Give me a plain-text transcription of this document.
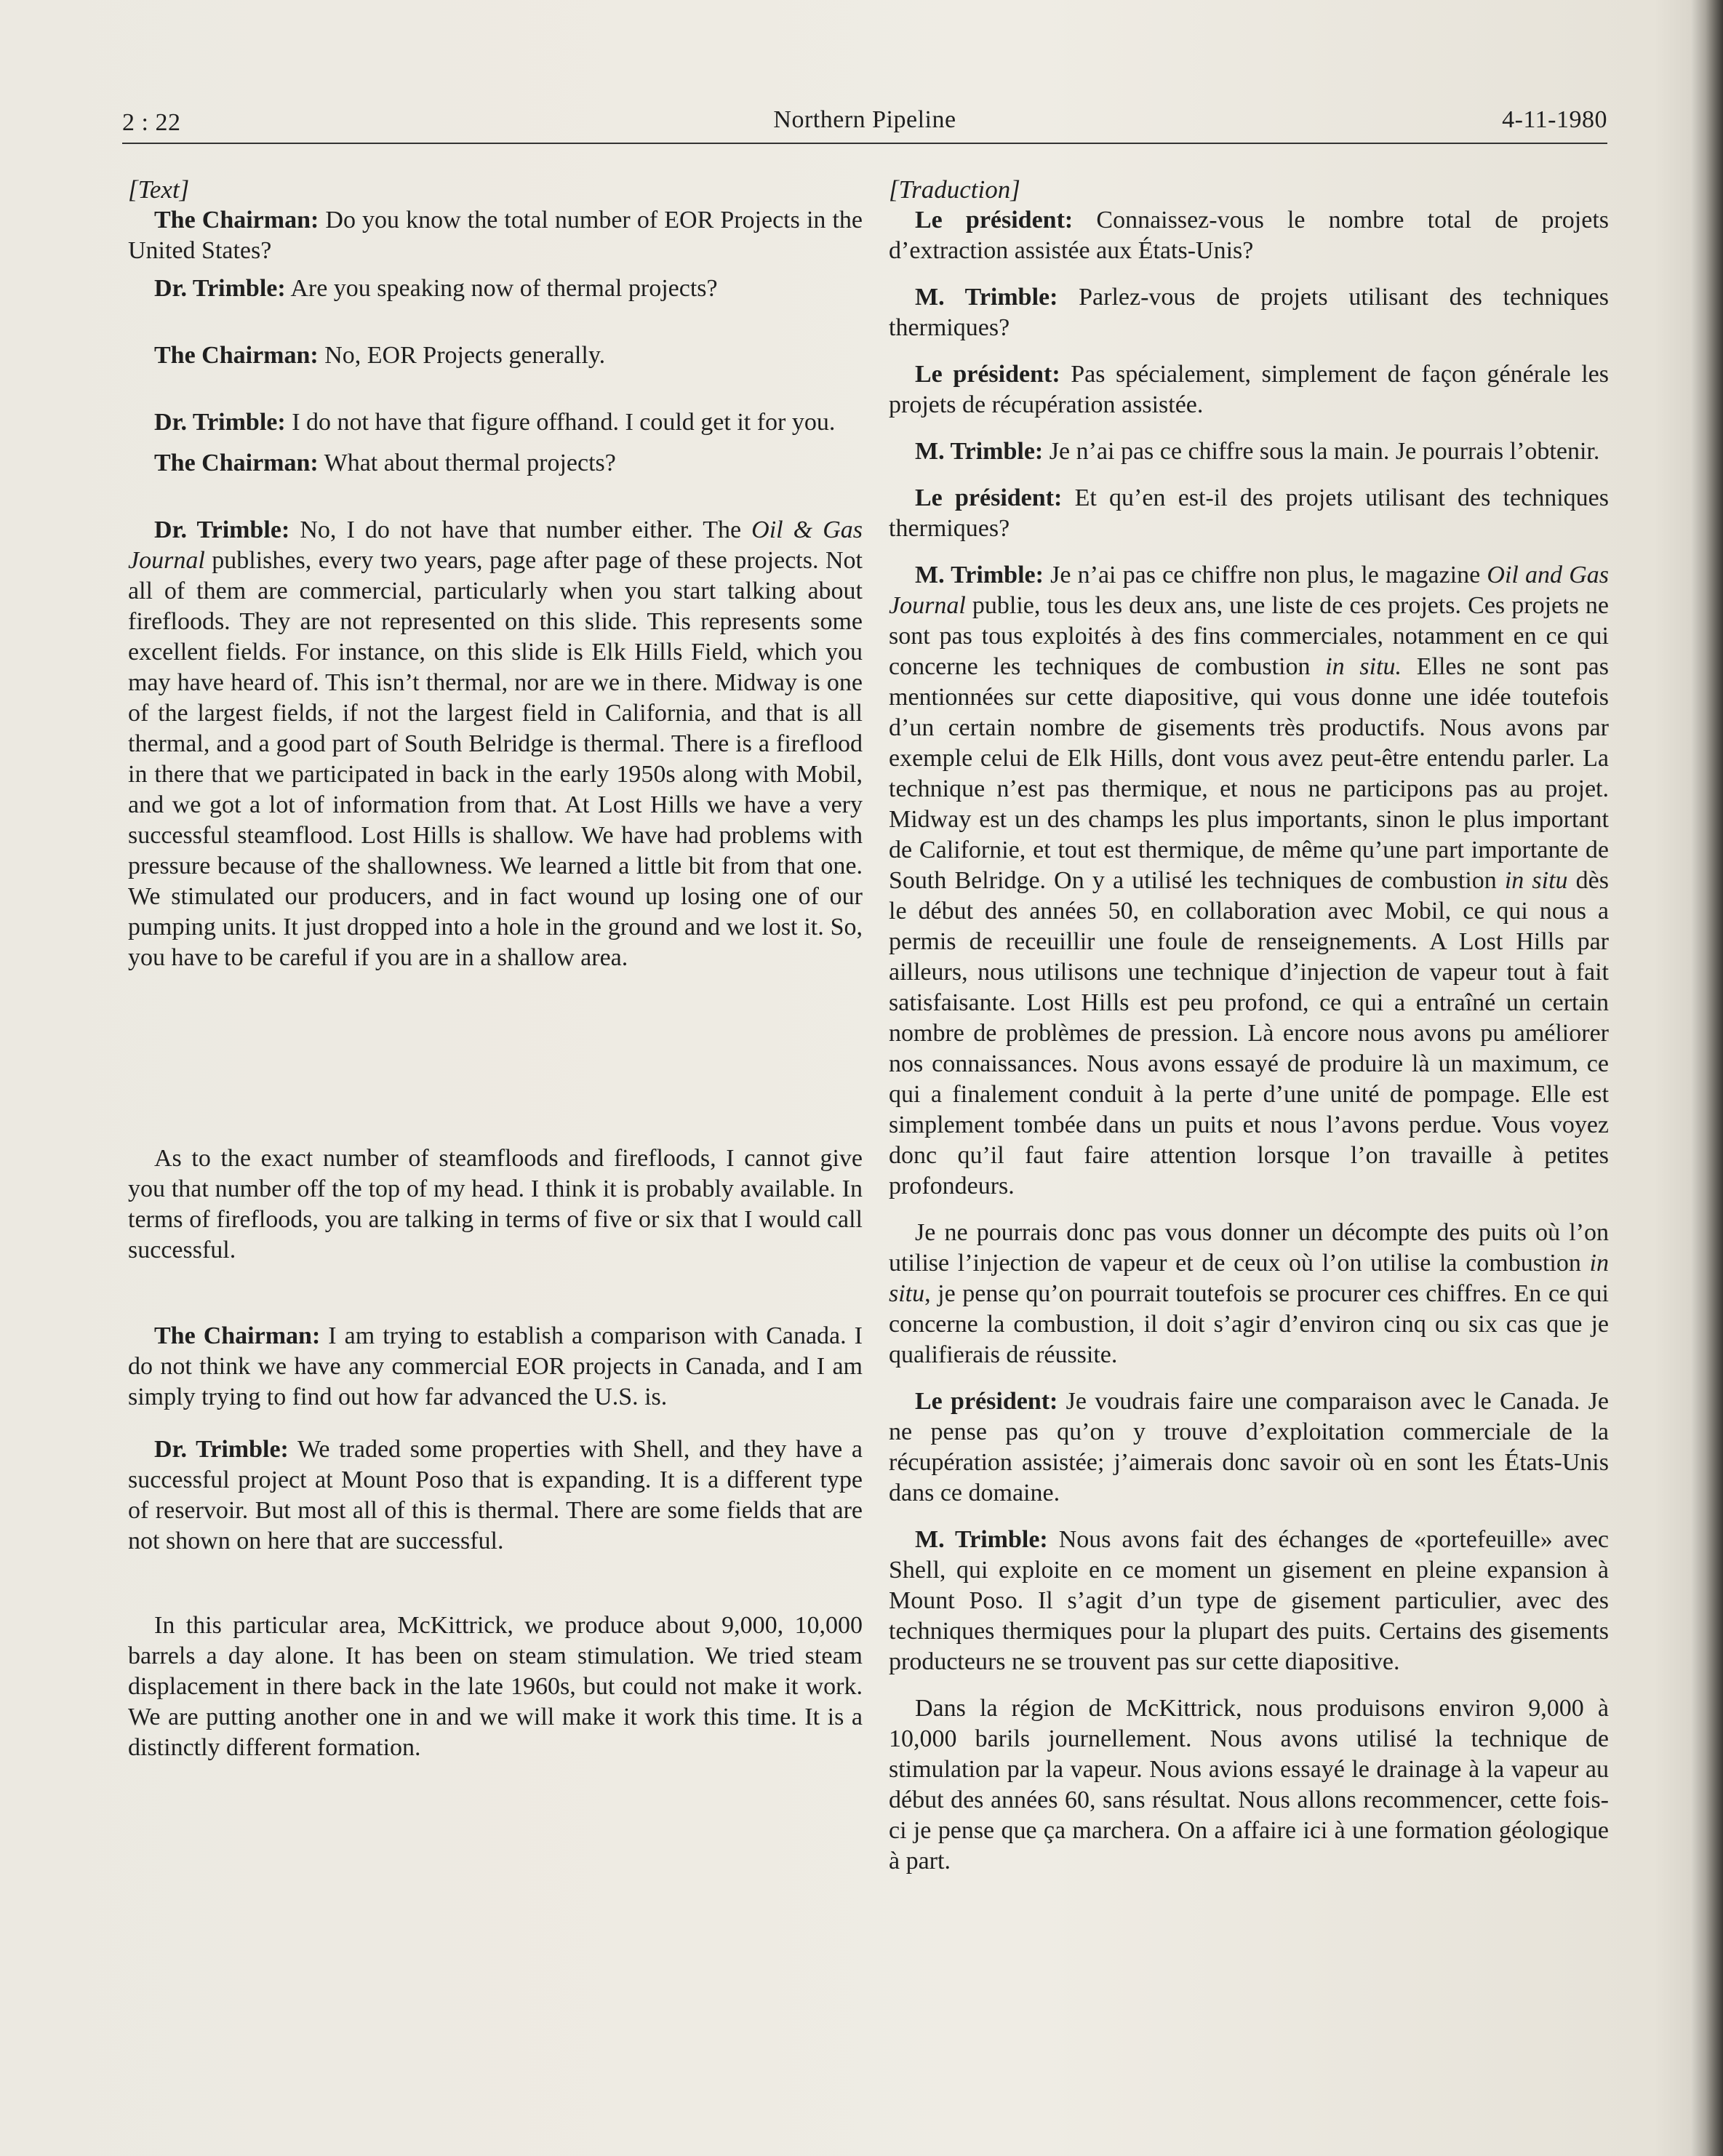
2 : 22	Northern Pipeline	4-11-1980

[Text]

The Chairman: Do you know the total number of EOR Projects in the United States?

Dr. Trimble: Are you speaking now of thermal projects?

The Chairman: No, EOR Projects generally.

Dr. Trimble: I do not have that figure offhand. I could get it for you.

The Chairman: What about thermal projects?

Dr. Trimble: No, I do not have that number either. The Oil & Gas Journal publishes, every two years, page after page of these projects. Not all of them are commercial, particularly when you start talking about firefloods. They are not represented on this slide. This represents some excellent fields. For instance, on this slide is Elk Hills Field, which you may have heard of. This isn’t thermal, nor are we in there. Midway is one of the largest fields, if not the largest field in California, and that is all thermal, and a good part of South Belridge is thermal. There is a fireflood in there that we participated in back in the early 1950s along with Mobil, and we got a lot of information from that. At Lost Hills we have a very successful steamflood. Lost Hills is shallow. We have had problems with pressure because of the shallowness. We learned a little bit from that one. We stimulated our producers, and in fact wound up losing one of our pumping units. It just dropped into a hole in the ground and we lost it. So, you have to be careful if you are in a shallow area.

As to the exact number of steamfloods and firefloods, I cannot give you that number off the top of my head. I think it is probably available. In terms of firefloods, you are talking in terms of five or six that I would call successful.

The Chairman: I am trying to establish a comparison with Canada. I do not think we have any commercial EOR projects in Canada, and I am simply trying to find out how far advanced the U.S. is.

Dr. Trimble: We traded some properties with Shell, and they have a successful project at Mount Poso that is expanding. It is a different type of reservoir. But most all of this is thermal. There are some fields that are not shown on here that are successful.

In this particular area, McKittrick, we produce about 9,000, 10,000 barrels a day alone. It has been on steam stimulation. We tried steam displacement in there back in the late 1960s, but could not make it work. We are putting another one in and we will make it work this time. It is a distinctly different formation.

[Traduction]

Le président: Connaissez-vous le nombre total de projets d’extraction assistée aux États-Unis?

M. Trimble: Parlez-vous de projets utilisant des techniques thermiques?

Le président: Pas spécialement, simplement de façon générale les projets de récupération assistée.

M. Trimble: Je n’ai pas ce chiffre sous la main. Je pourrais l’obtenir.

Le président: Et qu’en est-il des projets utilisant des techniques thermiques?

M. Trimble: Je n’ai pas ce chiffre non plus, le magazine Oil and Gas Journal publie, tous les deux ans, une liste de ces projets. Ces projets ne sont pas tous exploités à des fins commerciales, notamment en ce qui concerne les techniques de combustion in situ. Elles ne sont pas mentionnées sur cette diapositive, qui vous donne une idée toutefois d’un certain nombre de gisements très productifs. Nous avons par exemple celui de Elk Hills, dont vous avez peut-être entendu parler. La technique n’est pas thermique, et nous ne participons pas au projet. Midway est un des champs les plus importants, sinon le plus important de Californie, et tout est thermique, de même qu’une part importante de South Belridge. On y a utilisé les techniques de combustion in situ dès le début des années 50, en collaboration avec Mobil, ce qui nous a permis de receuillir une foule de renseignements. A Lost Hills par ailleurs, nous utilisons une technique d’injection de vapeur tout à fait satisfaisante. Lost Hills est peu profond, ce qui a entraîné un certain nombre de problèmes de pression. Là encore nous avons pu améliorer nos connaissances. Nous avons essayé de produire là un maximum, ce qui a finalement conduit à la perte d’une unité de pompage. Elle est simplement tombée dans un puits et nous l’avons perdue. Vous voyez donc qu’il faut faire attention lorsque l’on travaille à petites profondeurs.

Je ne pourrais donc pas vous donner un décompte des puits où l’on utilise l’injection de vapeur et de ceux où l’on utilise la combustion in situ, je pense qu’on pourrait toutefois se procurer ces chiffres. En ce qui concerne la combustion, il doit s’agir d’environ cinq ou six cas que je qualifierais de réussite.

Le président: Je voudrais faire une comparaison avec le Canada. Je ne pense pas qu’on y trouve d’exploitation commerciale de la récupération assistée; j’aimerais donc savoir où en sont les États-Unis dans ce domaine.

M. Trimble: Nous avons fait des échanges de «portefeuille» avec Shell, qui exploite en ce moment un gisement en pleine expansion à Mount Poso. Il s’agit d’un type de gisement particulier, avec des techniques thermiques pour la plupart des puits. Certains des gisements producteurs ne se trouvent pas sur cette diapositive.

Dans la région de McKittrick, nous produisons environ 9,000 à 10,000 barils journellement. Nous avons utilisé la technique de stimulation par la vapeur. Nous avions essayé le drainage à la vapeur au début des années 60, sans résultat. Nous allons recommencer, cette fois-ci je pense que ça marchera. On a affaire ici à une formation géologique à part.
